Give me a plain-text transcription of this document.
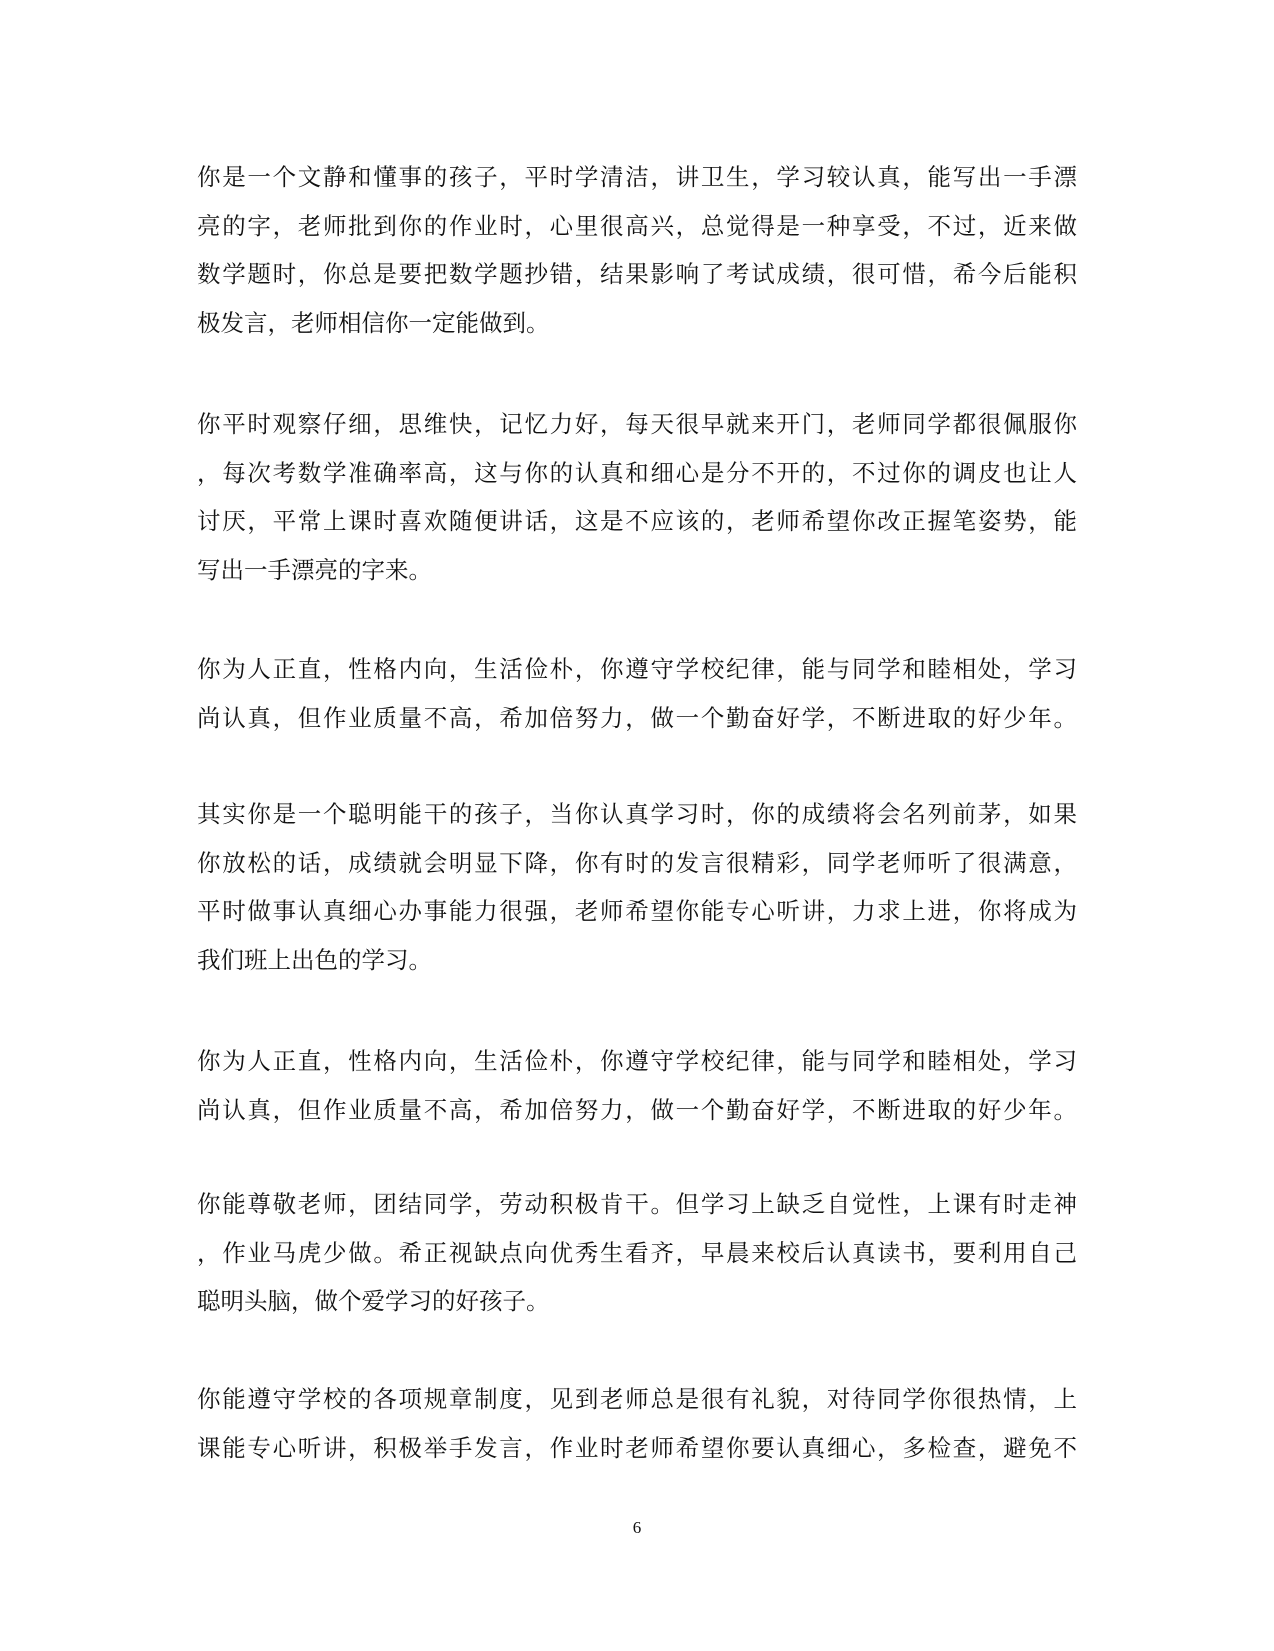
你是一个文静和懂事的孩子，平时学清洁，讲卫生，学习较认真，能写出一手漂
亮的字，老师批到你的作业时，心里很高兴，总觉得是一种享受，不过，近来做
数学题时，你总是要把数学题抄错，结果影响了考试成绩，很可惜，希今后能积
极发言，老师相信你一定能做到。

你平时观察仔细，思维快，记忆力好，每天很早就来开门，老师同学都很佩服你
，每次考数学准确率高，这与你的认真和细心是分不开的，不过你的调皮也让人
讨厌，平常上课时喜欢随便讲话，这是不应该的，老师希望你改正握笔姿势，能
写出一手漂亮的字来。

你为人正直，性格内向，生活俭朴，你遵守学校纪律，能与同学和睦相处，学习
尚认真，但作业质量不高，希加倍努力，做一个勤奋好学，不断进取的好少年。

其实你是一个聪明能干的孩子，当你认真学习时，你的成绩将会名列前茅，如果
你放松的话，成绩就会明显下降，你有时的发言很精彩，同学老师听了很满意，
平时做事认真细心办事能力很强，老师希望你能专心听讲，力求上进，你将成为
我们班上出色的学习。

你为人正直，性格内向，生活俭朴，你遵守学校纪律，能与同学和睦相处，学习
尚认真，但作业质量不高，希加倍努力，做一个勤奋好学，不断进取的好少年。

你能尊敬老师，团结同学，劳动积极肯干。但学习上缺乏自觉性，上课有时走神
，作业马虎少做。希正视缺点向优秀生看齐，早晨来校后认真读书，要利用自己
聪明头脑，做个爱学习的好孩子。

你能遵守学校的各项规章制度，见到老师总是很有礼貌，对待同学你很热情，上
课能专心听讲，积极举手发言，作业时老师希望你要认真细心，多检查，避免不

6
